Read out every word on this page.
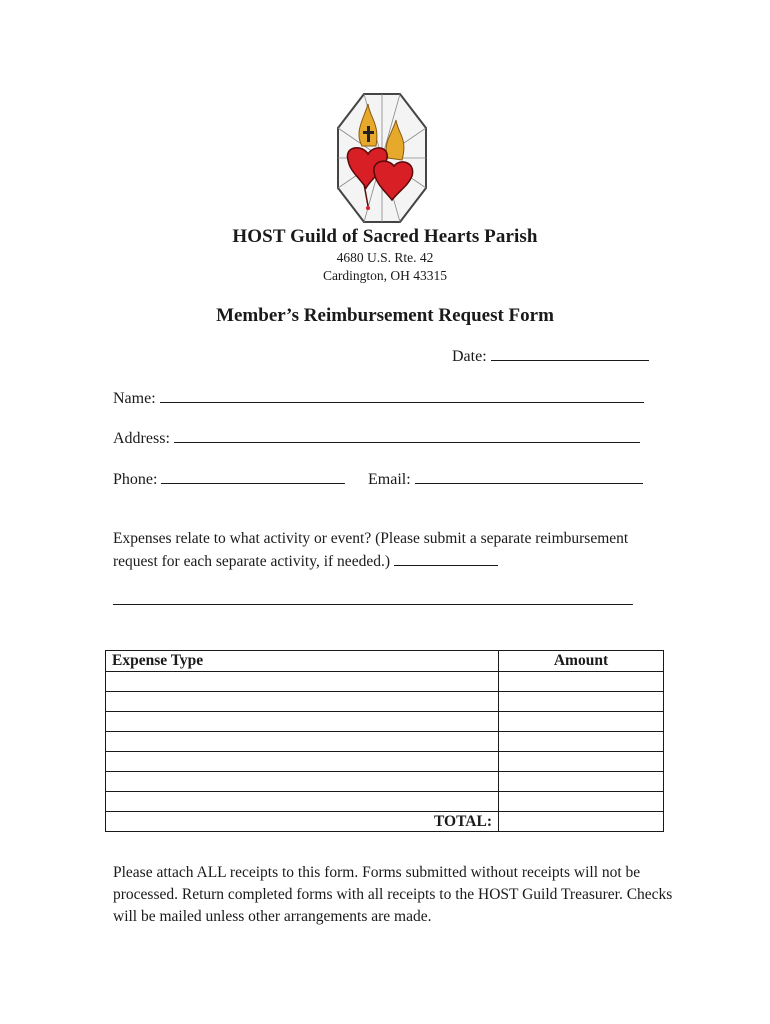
HOST Guild of Sacred Hearts Parish
4680 U.S. Rte. 42
Cardington, OH 43315
Member’s Reimbursement Request Form
Date:
Name:
Address:
Phone:	Email:
Expenses relate to what activity or event? (Please submit a separate reimbursement request for each separate activity, if needed.)
Expense Type	Amount

TOTAL:	
Please attach ALL receipts to this form. Forms submitted without receipts will not be processed. Return completed forms with all receipts to the HOST Guild Treasurer. Checks will be mailed unless other arrangements are made.
